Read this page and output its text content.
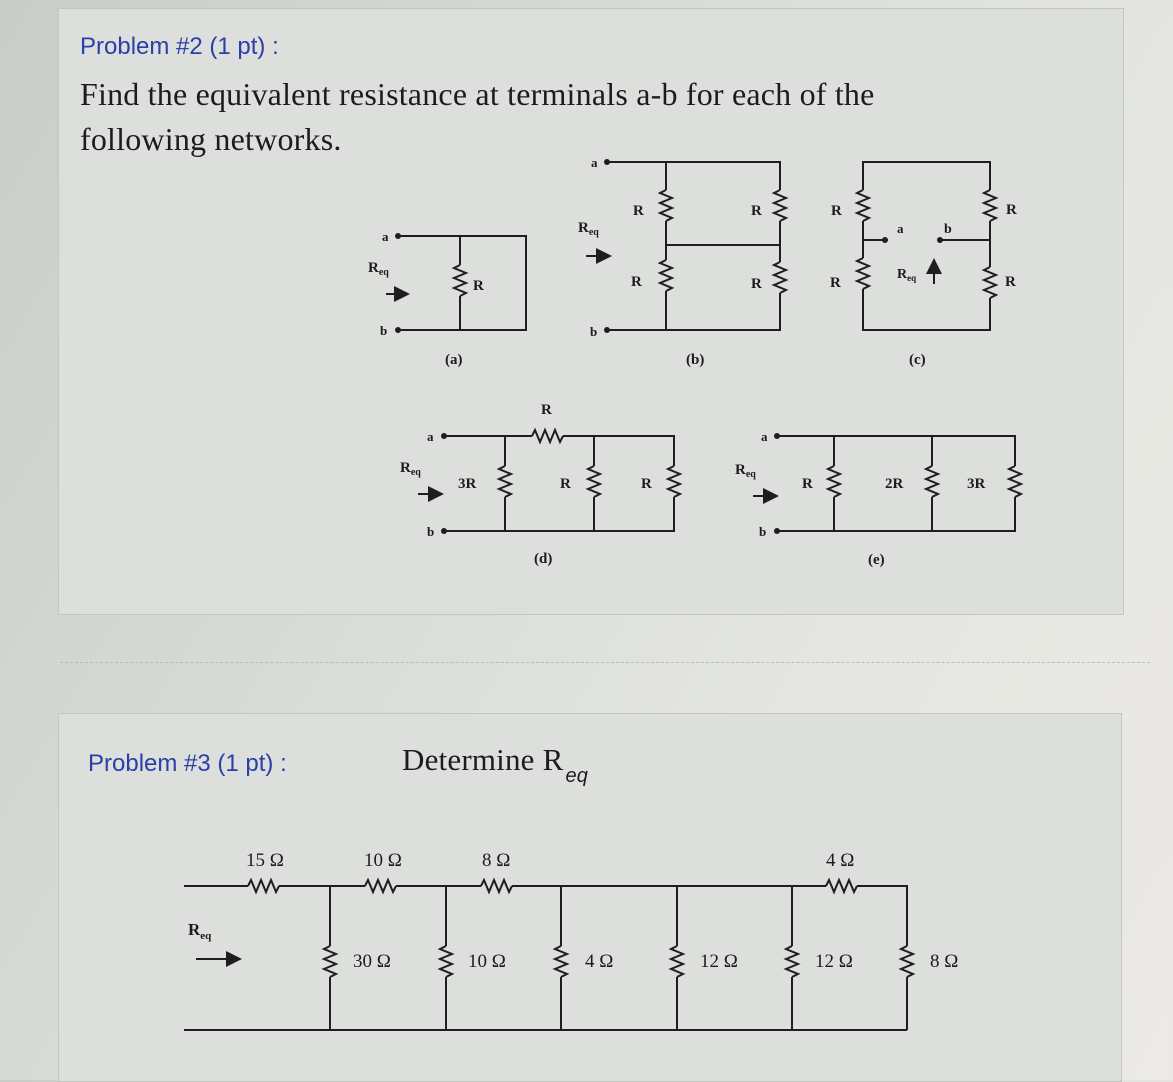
Problem #2 (1 pt) :
Find the equivalent resistance at terminals a-b for each of the
following networks.
Problem #3 (1 pt) :	Determine R $_{eq}$
a
b
$R_{eq}$
R
(a)
a
b
$R_{eq}$
R
R
R
R
(b)
a	b
$R_{eq}$
R
R
R
R
(c)
a
b
$R_{eq}$
3R
R
R	R
(d)
a
b
$R_{eq}$
R	2R	3R
(e)
$R_{eq}$
15 Ω	10 Ω	8 Ω	4 Ω
30 Ω	10 Ω	4 Ω	12 Ω	12 Ω	8 Ω
